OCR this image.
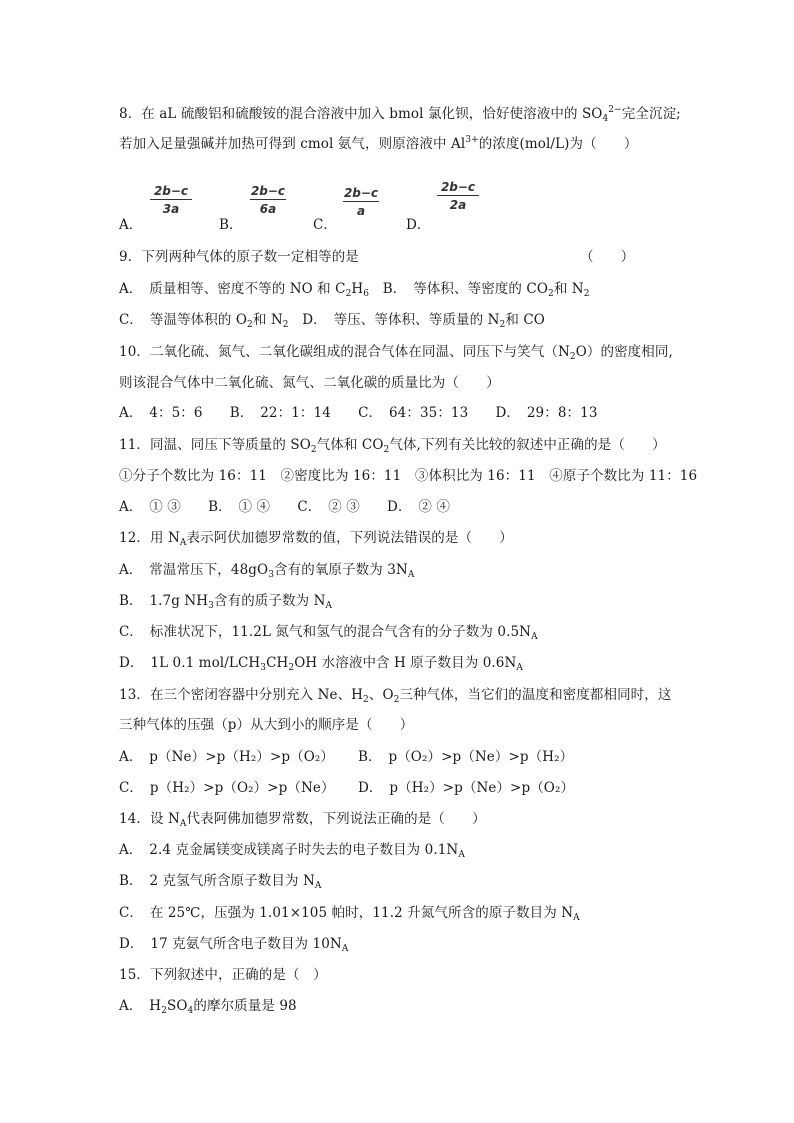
8．在 aL 硫酸铝和硫酸铵的混合溶液中加入 bmol 氯化钡，恰好使溶液中的 $SO_4^{2-}$完全沉淀;
若加入足量强碱并加热可得到 cmol 氨气，则原溶液中 $Al^{3+}$的浓度(mol/L)为（　　）
A．
2b−c
3a
B．
2b−c
6a
C．
2b−c
a
D．
2b−c
2a
9．下列两种气体的原子数一定相等的是	（　　）
A．　质量相等、密度不等的 NO 和 $C_2H_6$　B．　等体积、等密度的 $CO_2$和 $N_2$
C．　等温等体积的 $O_2$和 $N_2$　D．　等压、等体积、等质量的 $N_2$和 CO
10．二氧化硫、氮气、二氧化碳组成的混合气体在同温、同压下与笑气$(N_2O)$的密度相同,
则该混合气体中二氧化硫、氮气、二氧化碳的质量比为（　　）
A．　4：5：6　　B．　22：1：14　　C．　64：35：13　　D．　29：8：13
11．同温、同压下等质量的 $SO_2$气体和 $CO_2$气体,下列有关比较的叙述中正确的是（　　）
①分子个数比为 16：11　②密度比为 16：11　③体积比为 16：11　④原子个数比为 11：16
A．　① ③　　B．　① ④　　C．　② ③　　D．　② ④
12．用 $N_A$表示阿伏加德罗常数的值，下列说法错误的是（　　）
A．　常温常压下，$48gO_3$含有的氧原子数为 $3N_A$
B．　1.7g $NH_3$含有的质子数为 $N_A$
C．　标准状况下，11.2L 氮气和氢气的混合气含有的分子数为 $0.5N_A$
D．　1L 0.1 mol/$LCH_3CH_2OH$ 水溶液中含 H 原子数目为 $0.6N_A$
13．在三个密闭容器中分别充入 Ne、$H_2$、$O_2$三种气体，当它们的温度和密度都相同时，这
三种气体的压强（p）从大到小的顺序是（　　）
A．　p（Ne）>p（H₂）>p（O₂） B．　p（O₂）>p（Ne）>p（H₂）
C．　p（H₂）>p（O₂）>p（Ne） D．　p（H₂）>p（Ne）>p（O₂）
14．设 $N_A$代表阿佛加德罗常数，下列说法正确的是（　　）
A．　2.4 克金属镁变成镁离子时失去的电子数目为 $0.1N_A$
B．　2 克氢气所含原子数目为 $N_A$
C．　在 25℃，压强为 1.01×105 帕时，11.2 升氮气所含的原子数目为 $N_A$
D．　17 克氨气所含电子数目为 $10N_A$
15．下列叙述中，正确的是（　）
A．　$H_2SO_4$的摩尔质量是 98
